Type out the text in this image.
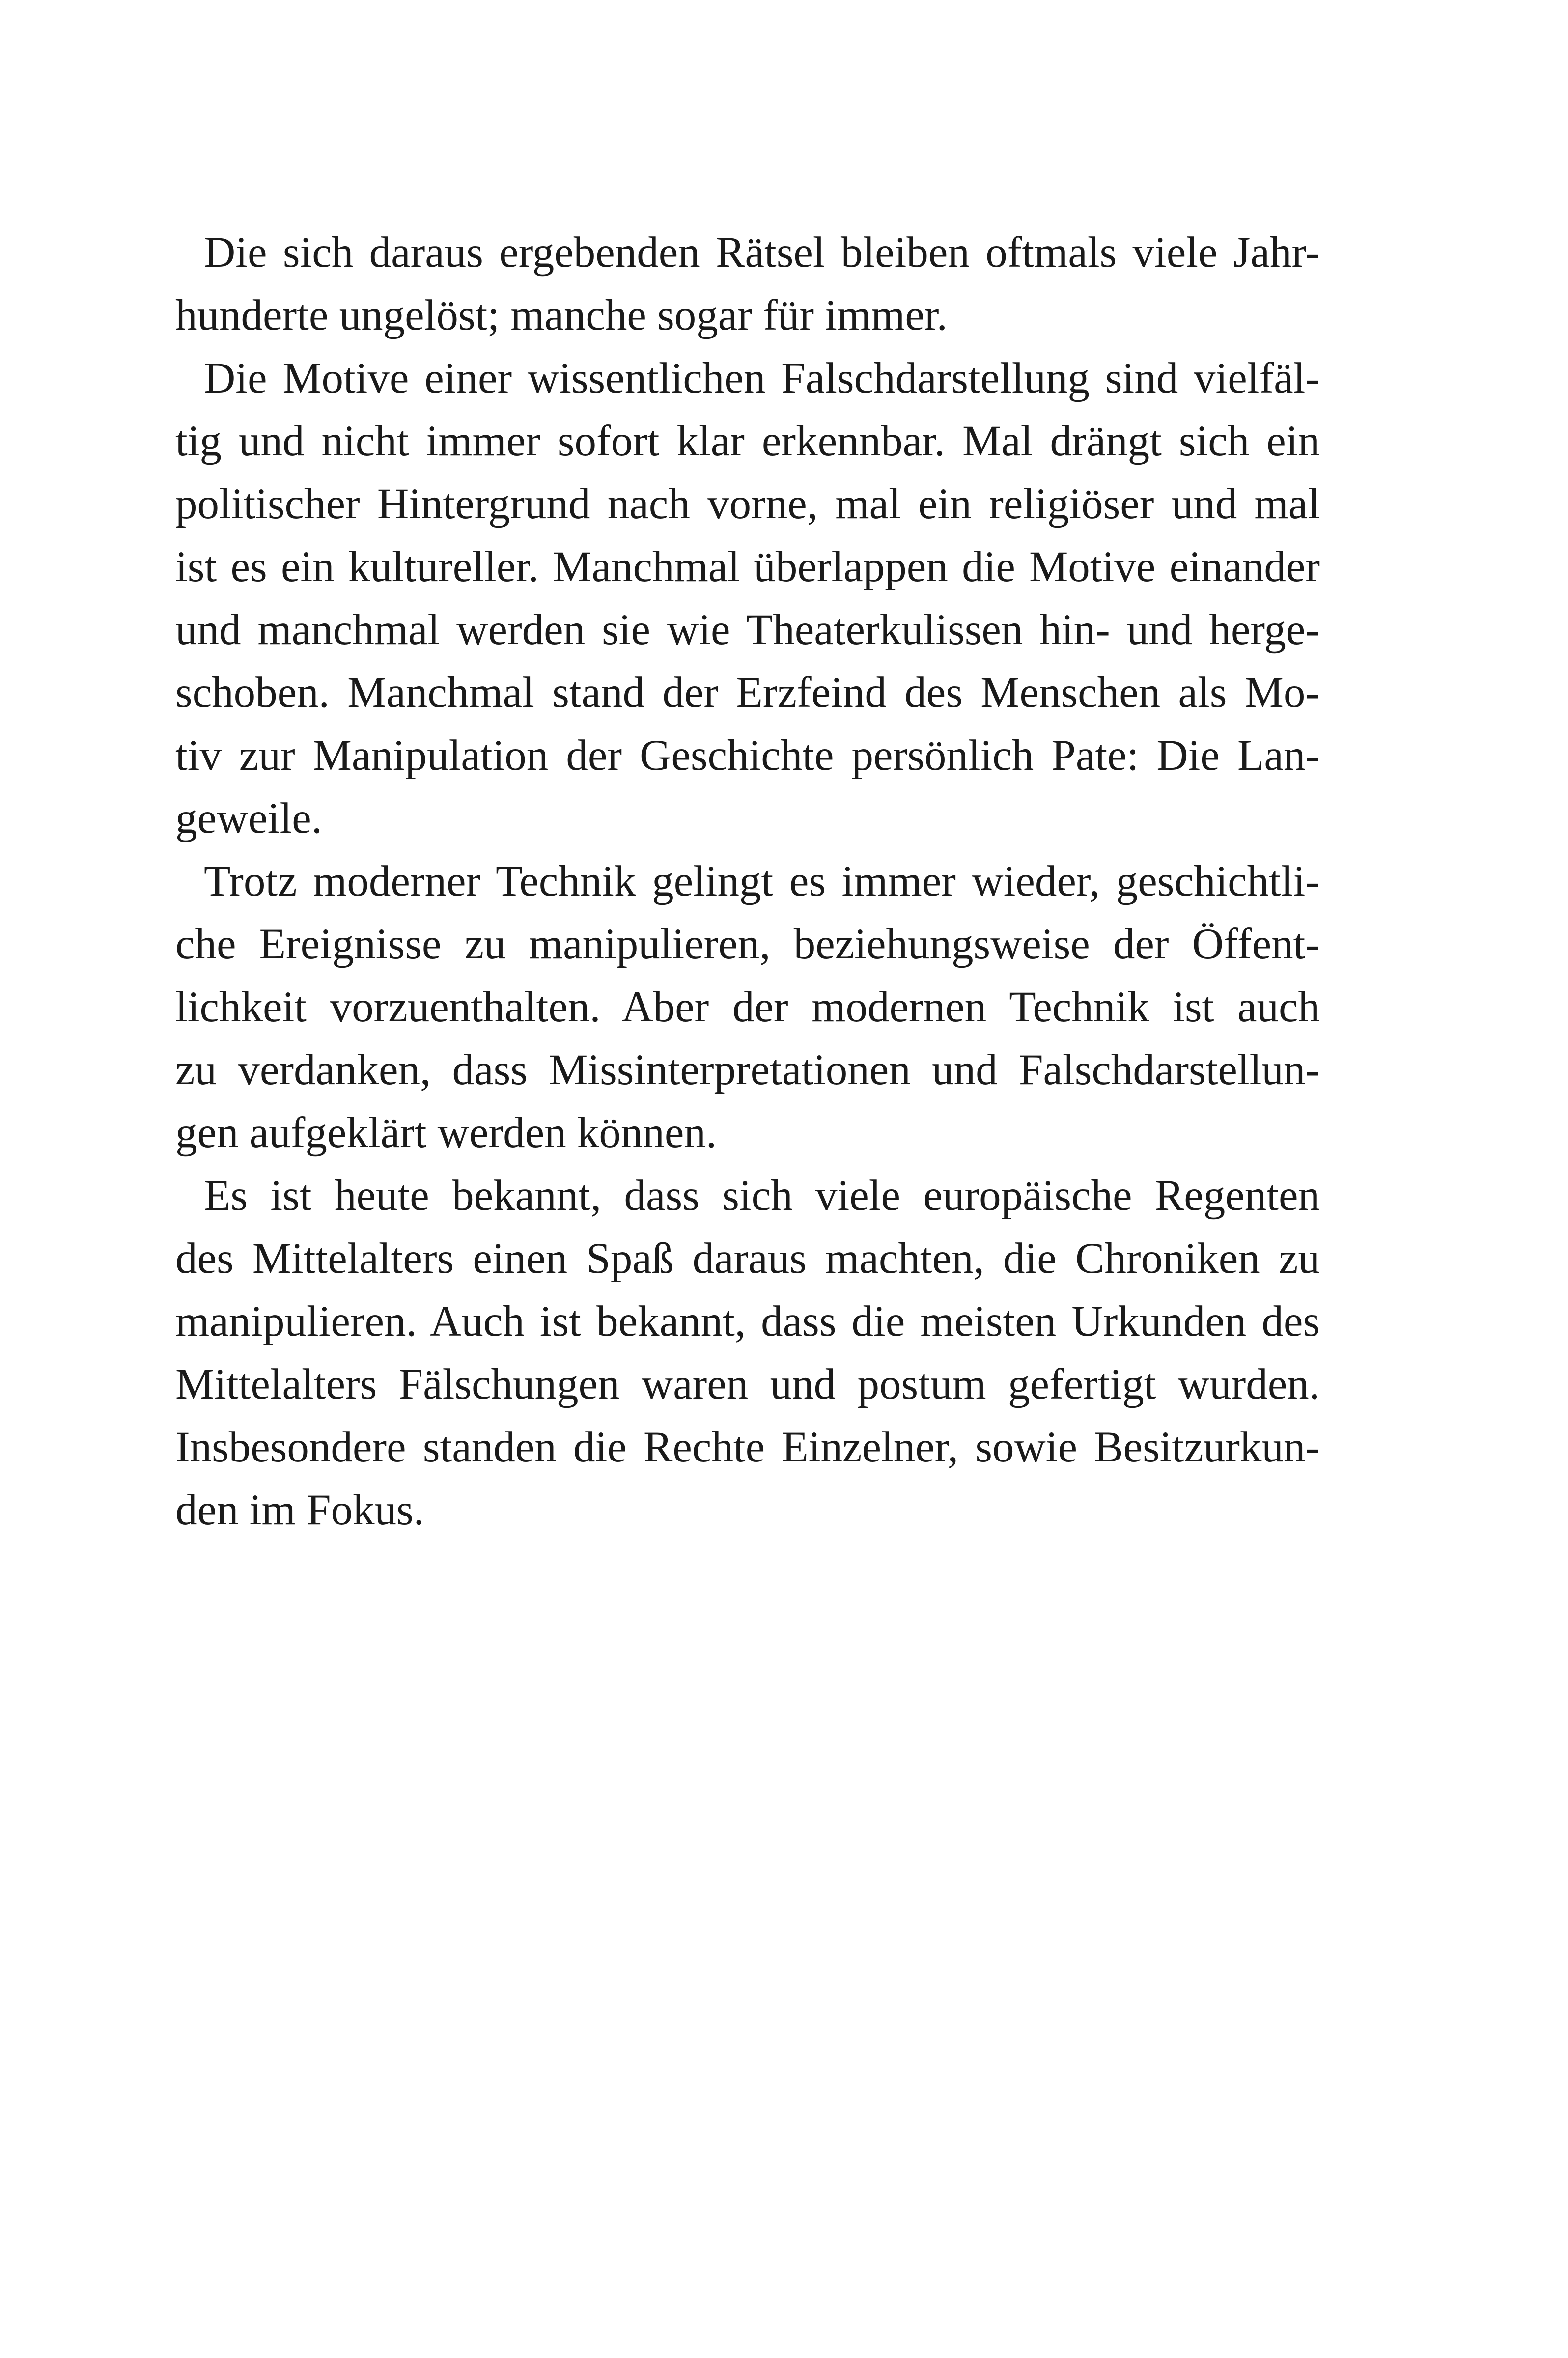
Die sich daraus ergebenden Rätsel bleiben oftmals viele Jahr-
hunderte ungelöst; manche sogar für immer.

Die Motive einer wissentlichen Falschdarstellung sind vielfäl-
tig und nicht immer sofort klar erkennbar. Mal drängt sich ein
politischer Hintergrund nach vorne, mal ein religiöser und mal
ist es ein kultureller. Manchmal überlappen die Motive einander
und manchmal werden sie wie Theaterkulissen hin- und herge-
schoben. Manchmal stand der Erzfeind des Menschen als Mo-
tiv zur Manipulation der Geschichte persönlich Pate: Die Lan-
geweile.

Trotz moderner Technik gelingt es immer wieder, geschichtli-
che Ereignisse zu manipulieren, beziehungsweise der Öffent-
lichkeit vorzuenthalten. Aber der modernen Technik ist auch
zu verdanken, dass Missinterpretationen und Falschdarstellun-
gen aufgeklärt werden können.

Es ist heute bekannt, dass sich viele europäische Regenten
des Mittelalters einen Spaß daraus machten, die Chroniken zu
manipulieren. Auch ist bekannt, dass die meisten Urkunden des
Mittelalters Fälschungen waren und postum gefertigt wurden.
Insbesondere standen die Rechte Einzelner, sowie Besitzurkun-
den im Fokus.
